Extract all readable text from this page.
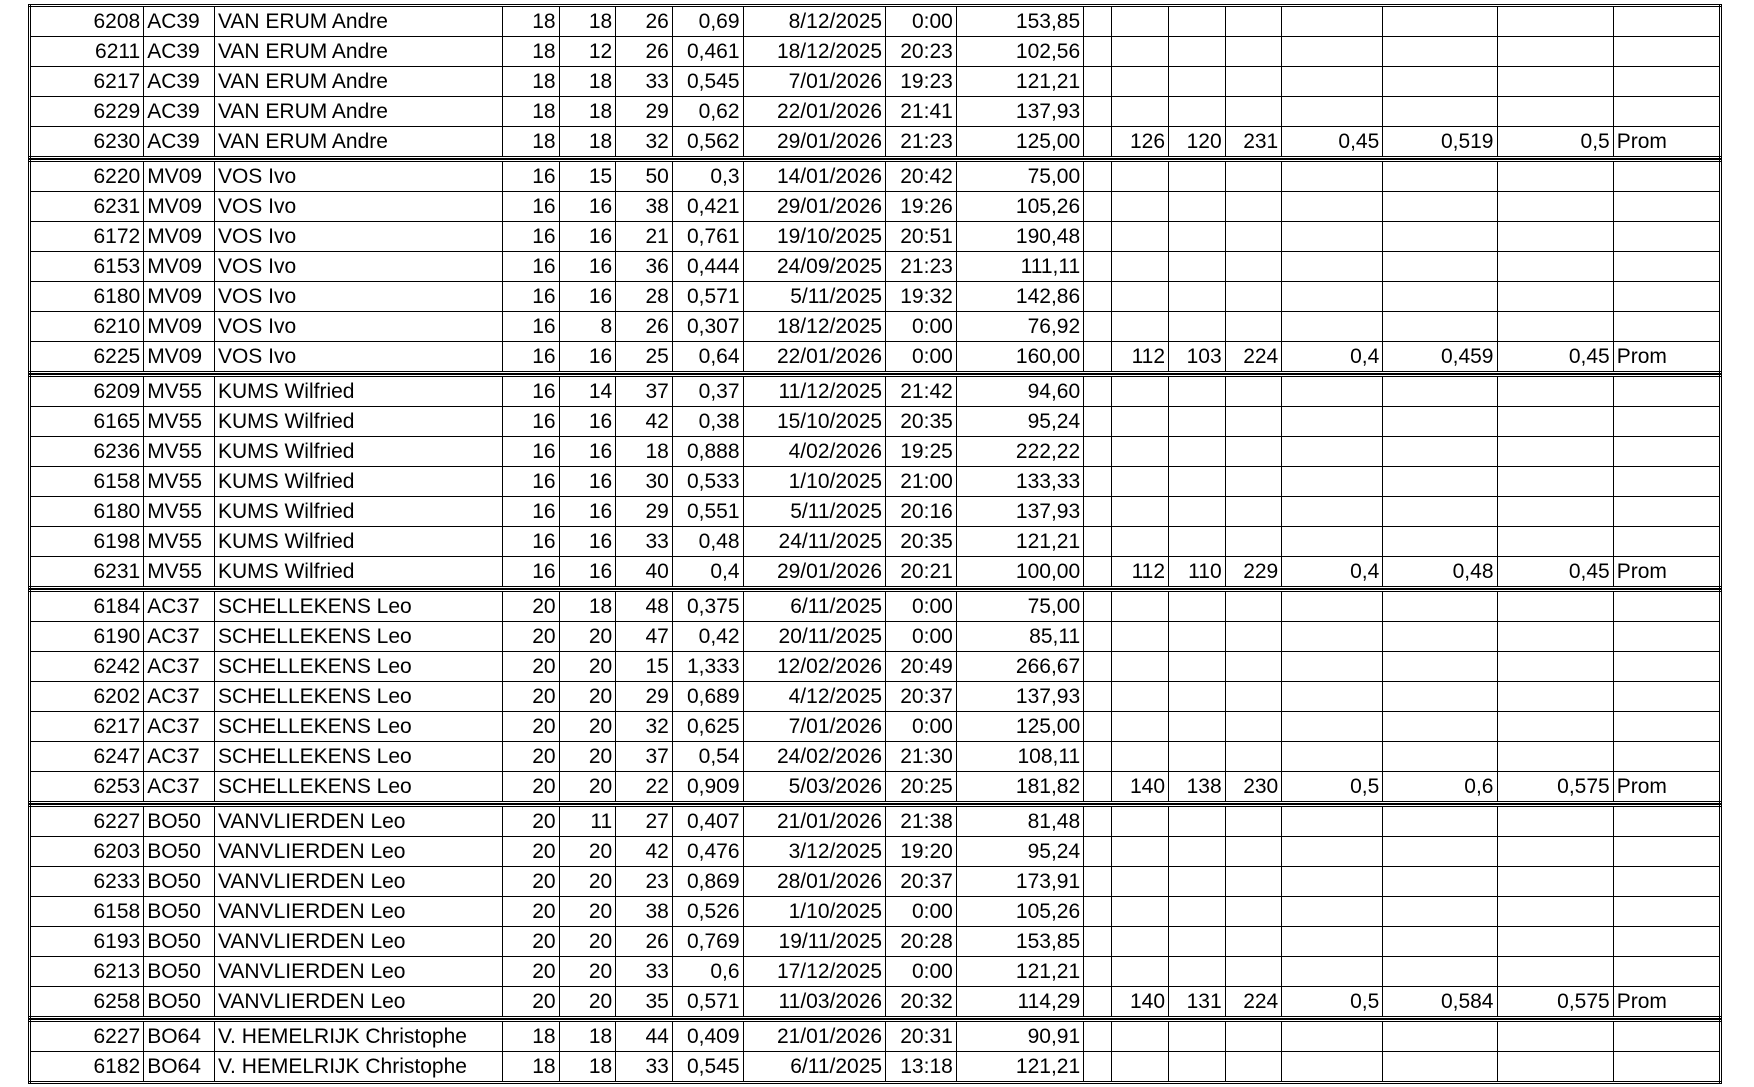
6208	AC39	VAN ERUM Andre	18	18	26	0,69	8/12/2025	0:00	153,85								
6211	AC39	VAN ERUM Andre	18	12	26	0,461	18/12/2025	20:23	102,56								
6217	AC39	VAN ERUM Andre	18	18	33	0,545	7/01/2026	19:23	121,21								
6229	AC39	VAN ERUM Andre	18	18	29	0,62	22/01/2026	21:41	137,93								
6230	AC39	VAN ERUM Andre	18	18	32	0,562	29/01/2026	21:23	125,00		126	120	231	0,45	0,519	0,5	Prom
6220	MV09	VOS Ivo	16	15	50	0,3	14/01/2026	20:42	75,00								
6231	MV09	VOS Ivo	16	16	38	0,421	29/01/2026	19:26	105,26								
6172	MV09	VOS Ivo	16	16	21	0,761	19/10/2025	20:51	190,48								
6153	MV09	VOS Ivo	16	16	36	0,444	24/09/2025	21:23	111,11								
6180	MV09	VOS Ivo	16	16	28	0,571	5/11/2025	19:32	142,86								
6210	MV09	VOS Ivo	16	8	26	0,307	18/12/2025	0:00	76,92								
6225	MV09	VOS Ivo	16	16	25	0,64	22/01/2026	0:00	160,00		112	103	224	0,4	0,459	0,45	Prom
6209	MV55	KUMS Wilfried	16	14	37	0,37	11/12/2025	21:42	94,60								
6165	MV55	KUMS Wilfried	16	16	42	0,38	15/10/2025	20:35	95,24								
6236	MV55	KUMS Wilfried	16	16	18	0,888	4/02/2026	19:25	222,22								
6158	MV55	KUMS Wilfried	16	16	30	0,533	1/10/2025	21:00	133,33								
6180	MV55	KUMS Wilfried	16	16	29	0,551	5/11/2025	20:16	137,93								
6198	MV55	KUMS Wilfried	16	16	33	0,48	24/11/2025	20:35	121,21								
6231	MV55	KUMS Wilfried	16	16	40	0,4	29/01/2026	20:21	100,00		112	110	229	0,4	0,48	0,45	Prom
6184	AC37	SCHELLEKENS Leo	20	18	48	0,375	6/11/2025	0:00	75,00								
6190	AC37	SCHELLEKENS Leo	20	20	47	0,42	20/11/2025	0:00	85,11								
6242	AC37	SCHELLEKENS Leo	20	20	15	1,333	12/02/2026	20:49	266,67								
6202	AC37	SCHELLEKENS Leo	20	20	29	0,689	4/12/2025	20:37	137,93								
6217	AC37	SCHELLEKENS Leo	20	20	32	0,625	7/01/2026	0:00	125,00								
6247	AC37	SCHELLEKENS Leo	20	20	37	0,54	24/02/2026	21:30	108,11								
6253	AC37	SCHELLEKENS Leo	20	20	22	0,909	5/03/2026	20:25	181,82		140	138	230	0,5	0,6	0,575	Prom
6227	BO50	VANVLIERDEN Leo	20	11	27	0,407	21/01/2026	21:38	81,48								
6203	BO50	VANVLIERDEN Leo	20	20	42	0,476	3/12/2025	19:20	95,24								
6233	BO50	VANVLIERDEN Leo	20	20	23	0,869	28/01/2026	20:37	173,91								
6158	BO50	VANVLIERDEN Leo	20	20	38	0,526	1/10/2025	0:00	105,26								
6193	BO50	VANVLIERDEN Leo	20	20	26	0,769	19/11/2025	20:28	153,85								
6213	BO50	VANVLIERDEN Leo	20	20	33	0,6	17/12/2025	0:00	121,21								
6258	BO50	VANVLIERDEN Leo	20	20	35	0,571	11/03/2026	20:32	114,29		140	131	224	0,5	0,584	0,575	Prom
6227	BO64	V. HEMELRIJK Christophe	18	18	44	0,409	21/01/2026	20:31	90,91								
6182	BO64	V. HEMELRIJK Christophe	18	18	33	0,545	6/11/2025	13:18	121,21								
